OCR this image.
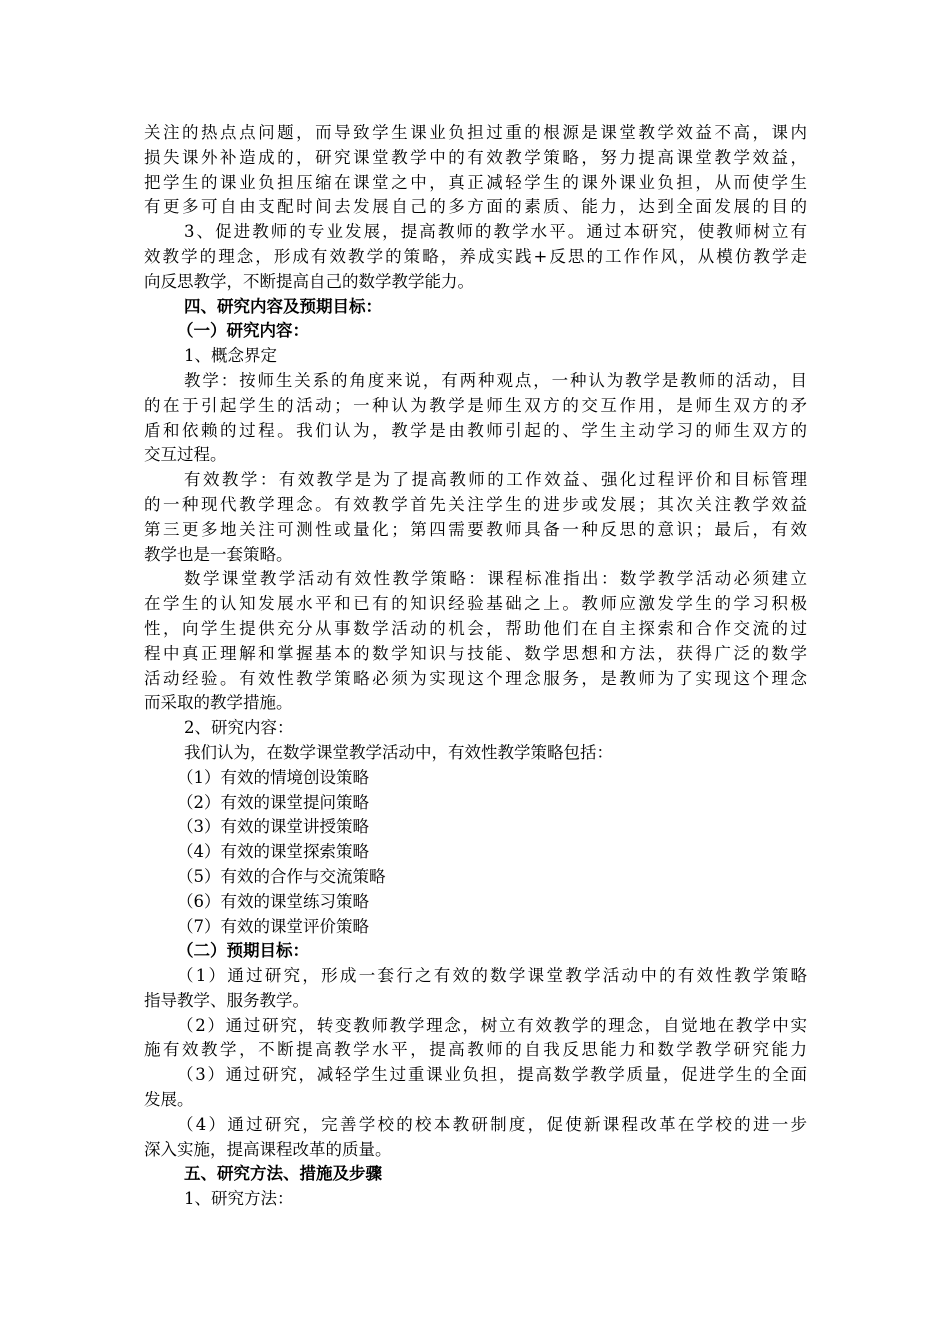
关注的热点点问题，而导致学生课业负担过重的根源是课堂教学效益不高，课内
损失课外补造成的，研究课堂教学中的有效教学策略，努力提高课堂教学效益，
把学生的课业负担压缩在课堂之中，真正减轻学生的课外课业负担，从而使学生
有更多可自由支配时间去发展自己的多方面的素质、能力，达到全面发展的目的
3、促进教师的专业发展，提高教师的教学水平。通过本研究，使教师树立有
效教学的理念，形成有效教学的策略，养成实践+反思的工作作风，从模仿教学走
向反思教学，不断提高自己的数学教学能力。
四、研究内容及预期目标：
（一）研究内容：
1、概念界定
教学：按师生关系的角度来说，有两种观点，一种认为教学是教师的活动，目
的在于引起学生的活动；一种认为教学是师生双方的交互作用，是师生双方的矛
盾和依赖的过程。我们认为，教学是由教师引起的、学生主动学习的师生双方的
交互过程。
有效教学：有效教学是为了提高教师的工作效益、强化过程评价和目标管理
的一种现代教学理念。有效教学首先关注学生的进步或发展；其次关注教学效益
第三更多地关注可测性或量化；第四需要教师具备一种反思的意识；最后，有效
教学也是一套策略。
数学课堂教学活动有效性教学策略：课程标准指出：数学教学活动必须建立
在学生的认知发展水平和已有的知识经验基础之上。教师应激发学生的学习积极
性，向学生提供充分从事数学活动的机会，帮助他们在自主探索和合作交流的过
程中真正理解和掌握基本的数学知识与技能、数学思想和方法，获得广泛的数学
活动经验。有效性教学策略必须为实现这个理念服务，是教师为了实现这个理念
而采取的教学措施。
2、研究内容：
我们认为，在数学课堂教学活动中，有效性教学策略包括：
（1）有效的情境创设策略
（2）有效的课堂提问策略
（3）有效的课堂讲授策略
（4）有效的课堂探索策略
（5）有效的合作与交流策略
（6）有效的课堂练习策略
（7）有效的课堂评价策略
（二）预期目标：
（1）通过研究，形成一套行之有效的数学课堂教学活动中的有效性教学策略
指导教学、服务教学。
（2）通过研究，转变教师教学理念，树立有效教学的理念，自觉地在教学中实
施有效教学，不断提高教学水平，提高教师的自我反思能力和数学教学研究能力
（3）通过研究，减轻学生过重课业负担，提高数学教学质量，促进学生的全面
发展。
（4）通过研究，完善学校的校本教研制度，促使新课程改革在学校的进一步
深入实施，提高课程改革的质量。
五、研究方法、措施及步骤
1、研究方法：
